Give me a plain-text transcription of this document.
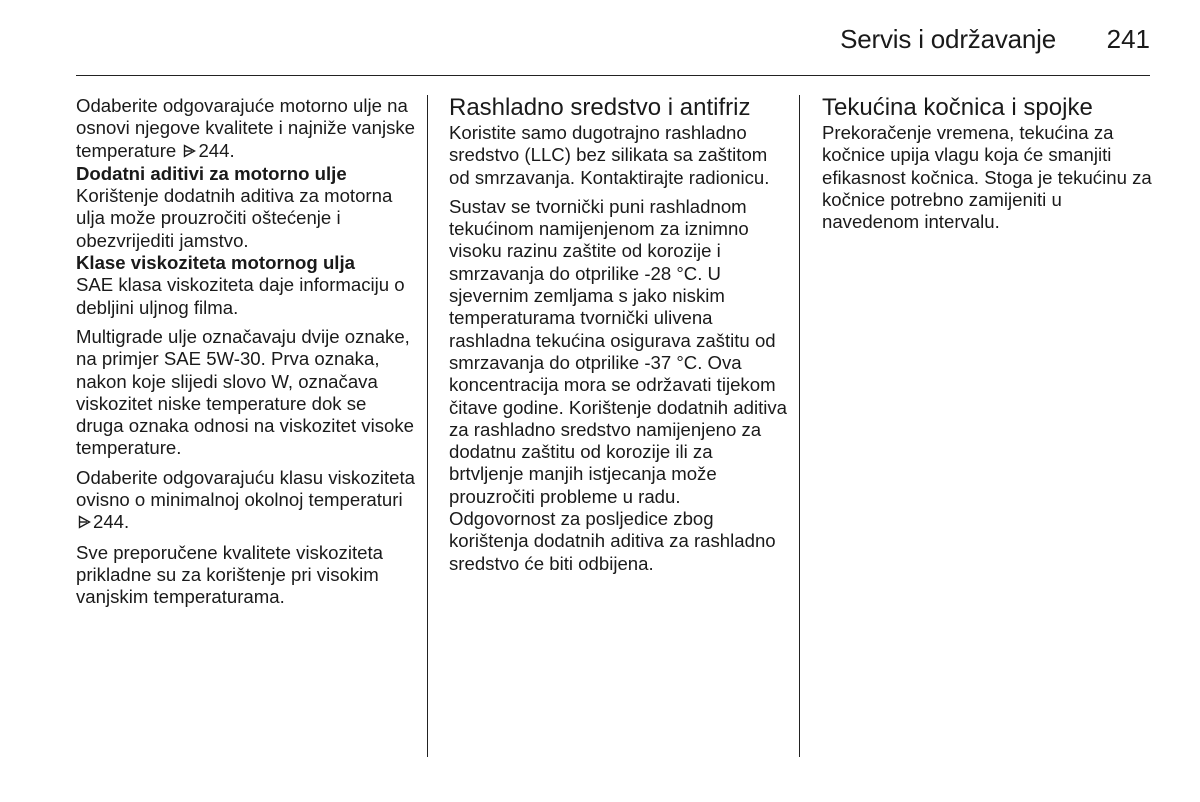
Servis i održavanje 241

Odaberite odgovarajuće motorno ulje na osnovi njegove kvalitete i najniže vanjske temperature 244.

Dodatni aditivi za motorno ulje

Korištenje dodatnih aditiva za motorna ulja može prouzročiti oštećenje i obezvrijediti jamstvo.

Klase viskoziteta motornog ulja

SAE klasa viskoziteta daje informaciju o debljini uljnog filma.

Multigrade ulje označavaju dvije oznake, na primjer SAE 5W-30. Prva oznaka, nakon koje slijedi slovo W, označava viskozitet niske temperature dok se druga oznaka odnosi na viskozitet visoke temperature.

Odaberite odgovarajuću klasu viskoziteta ovisno o minimalnoj okolnoj temperaturi 244.

Sve preporučene kvalitete viskoziteta prikladne su za korištenje pri visokim vanjskim temperaturama.

Rashladno sredstvo i antifriz

Koristite samo dugotrajno rashladno sredstvo (LLC) bez silikata sa zaštitom od smrzavanja. Kontaktirajte radionicu.

Sustav se tvornički puni rashladnom tekućinom namijenjenom za iznimno visoku razinu zaštite od korozije i smrzavanja do otprilike -28 °C. U sjevernim zemljama s jako niskim temperaturama tvornički ulivena rashladna tekućina osigurava zaštitu od smrzavanja do otprilike -37 °C. Ova koncentracija mora se održavati tijekom čitave godine. Korištenje dodatnih aditiva za rashladno sredstvo namijenjeno za dodatnu zaštitu od korozije ili za brtvljenje manjih istjecanja može prouzročiti probleme u radu. Odgovornost za posljedice zbog korištenja dodatnih aditiva za rashladno sredstvo će biti odbijena.

Tekućina kočnica i spojke

Prekoračenje vremena, tekućina za kočnice upija vlagu koja će smanjiti efikasnost kočnica. Stoga je tekućinu za kočnice potrebno zamijeniti u navedenom intervalu.
